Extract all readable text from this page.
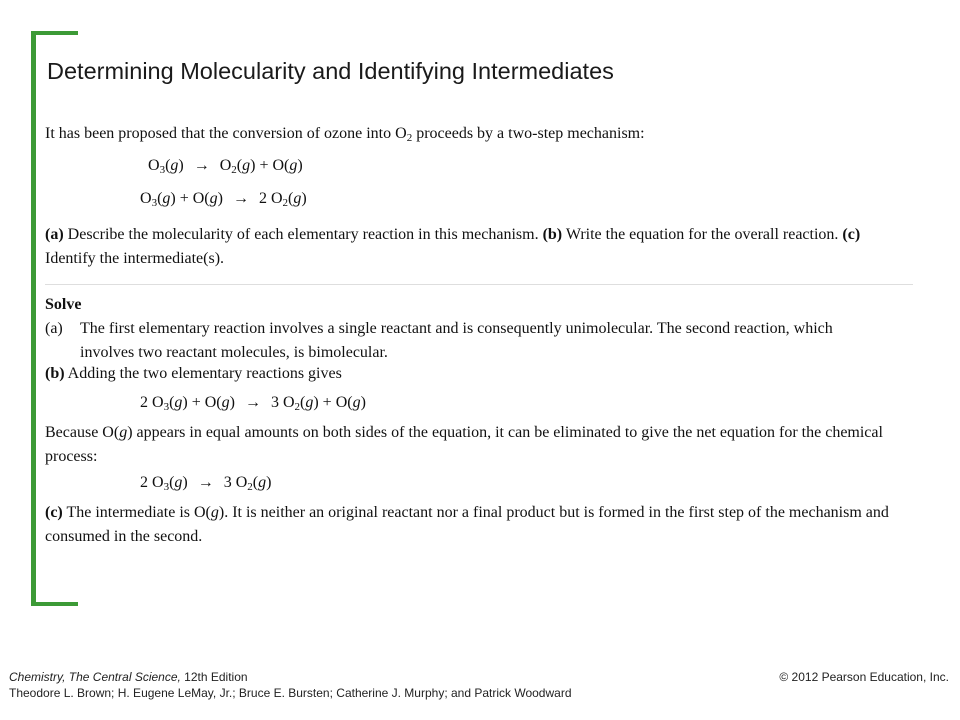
Determining Molecularity and Identifying Intermediates
It has been proposed that the conversion of ozone into $O_2$ proceeds by a two-step mechanism:
$O_3(g) \to O_2(g) + O(g)$
$O_3(g) + O(g) \to 2$ $O_2(g)$
(a) Describe the molecularity of each elementary reaction in this mechanism. (b) Write the equation for the overall reaction. (c) Identify the intermediate(s).
Solve
(a) The first elementary reaction involves a single reactant and is consequently unimolecular. The second reaction, which involves two reactant molecules, is bimolecular.
(b) Adding the two elementary reactions gives
2 $O_3(g) + O(g) \to 3$ $O_2(g) + O(g)$
Because O(g) appears in equal amounts on both sides of the equation, it can be eliminated to give the net equation for the chemical process:
2 $O_3(g) \to 3$ $O_2(g)$
(c) The intermediate is O(g). It is neither an original reactant nor a final product but is formed in the first step of the mechanism and consumed in the second.
Chemistry, The Central Science, 12th Edition
Theodore L. Brown; H. Eugene LeMay, Jr.; Bruce E. Bursten; Catherine J. Murphy; and Patrick Woodward
© 2012 Pearson Education, Inc.
